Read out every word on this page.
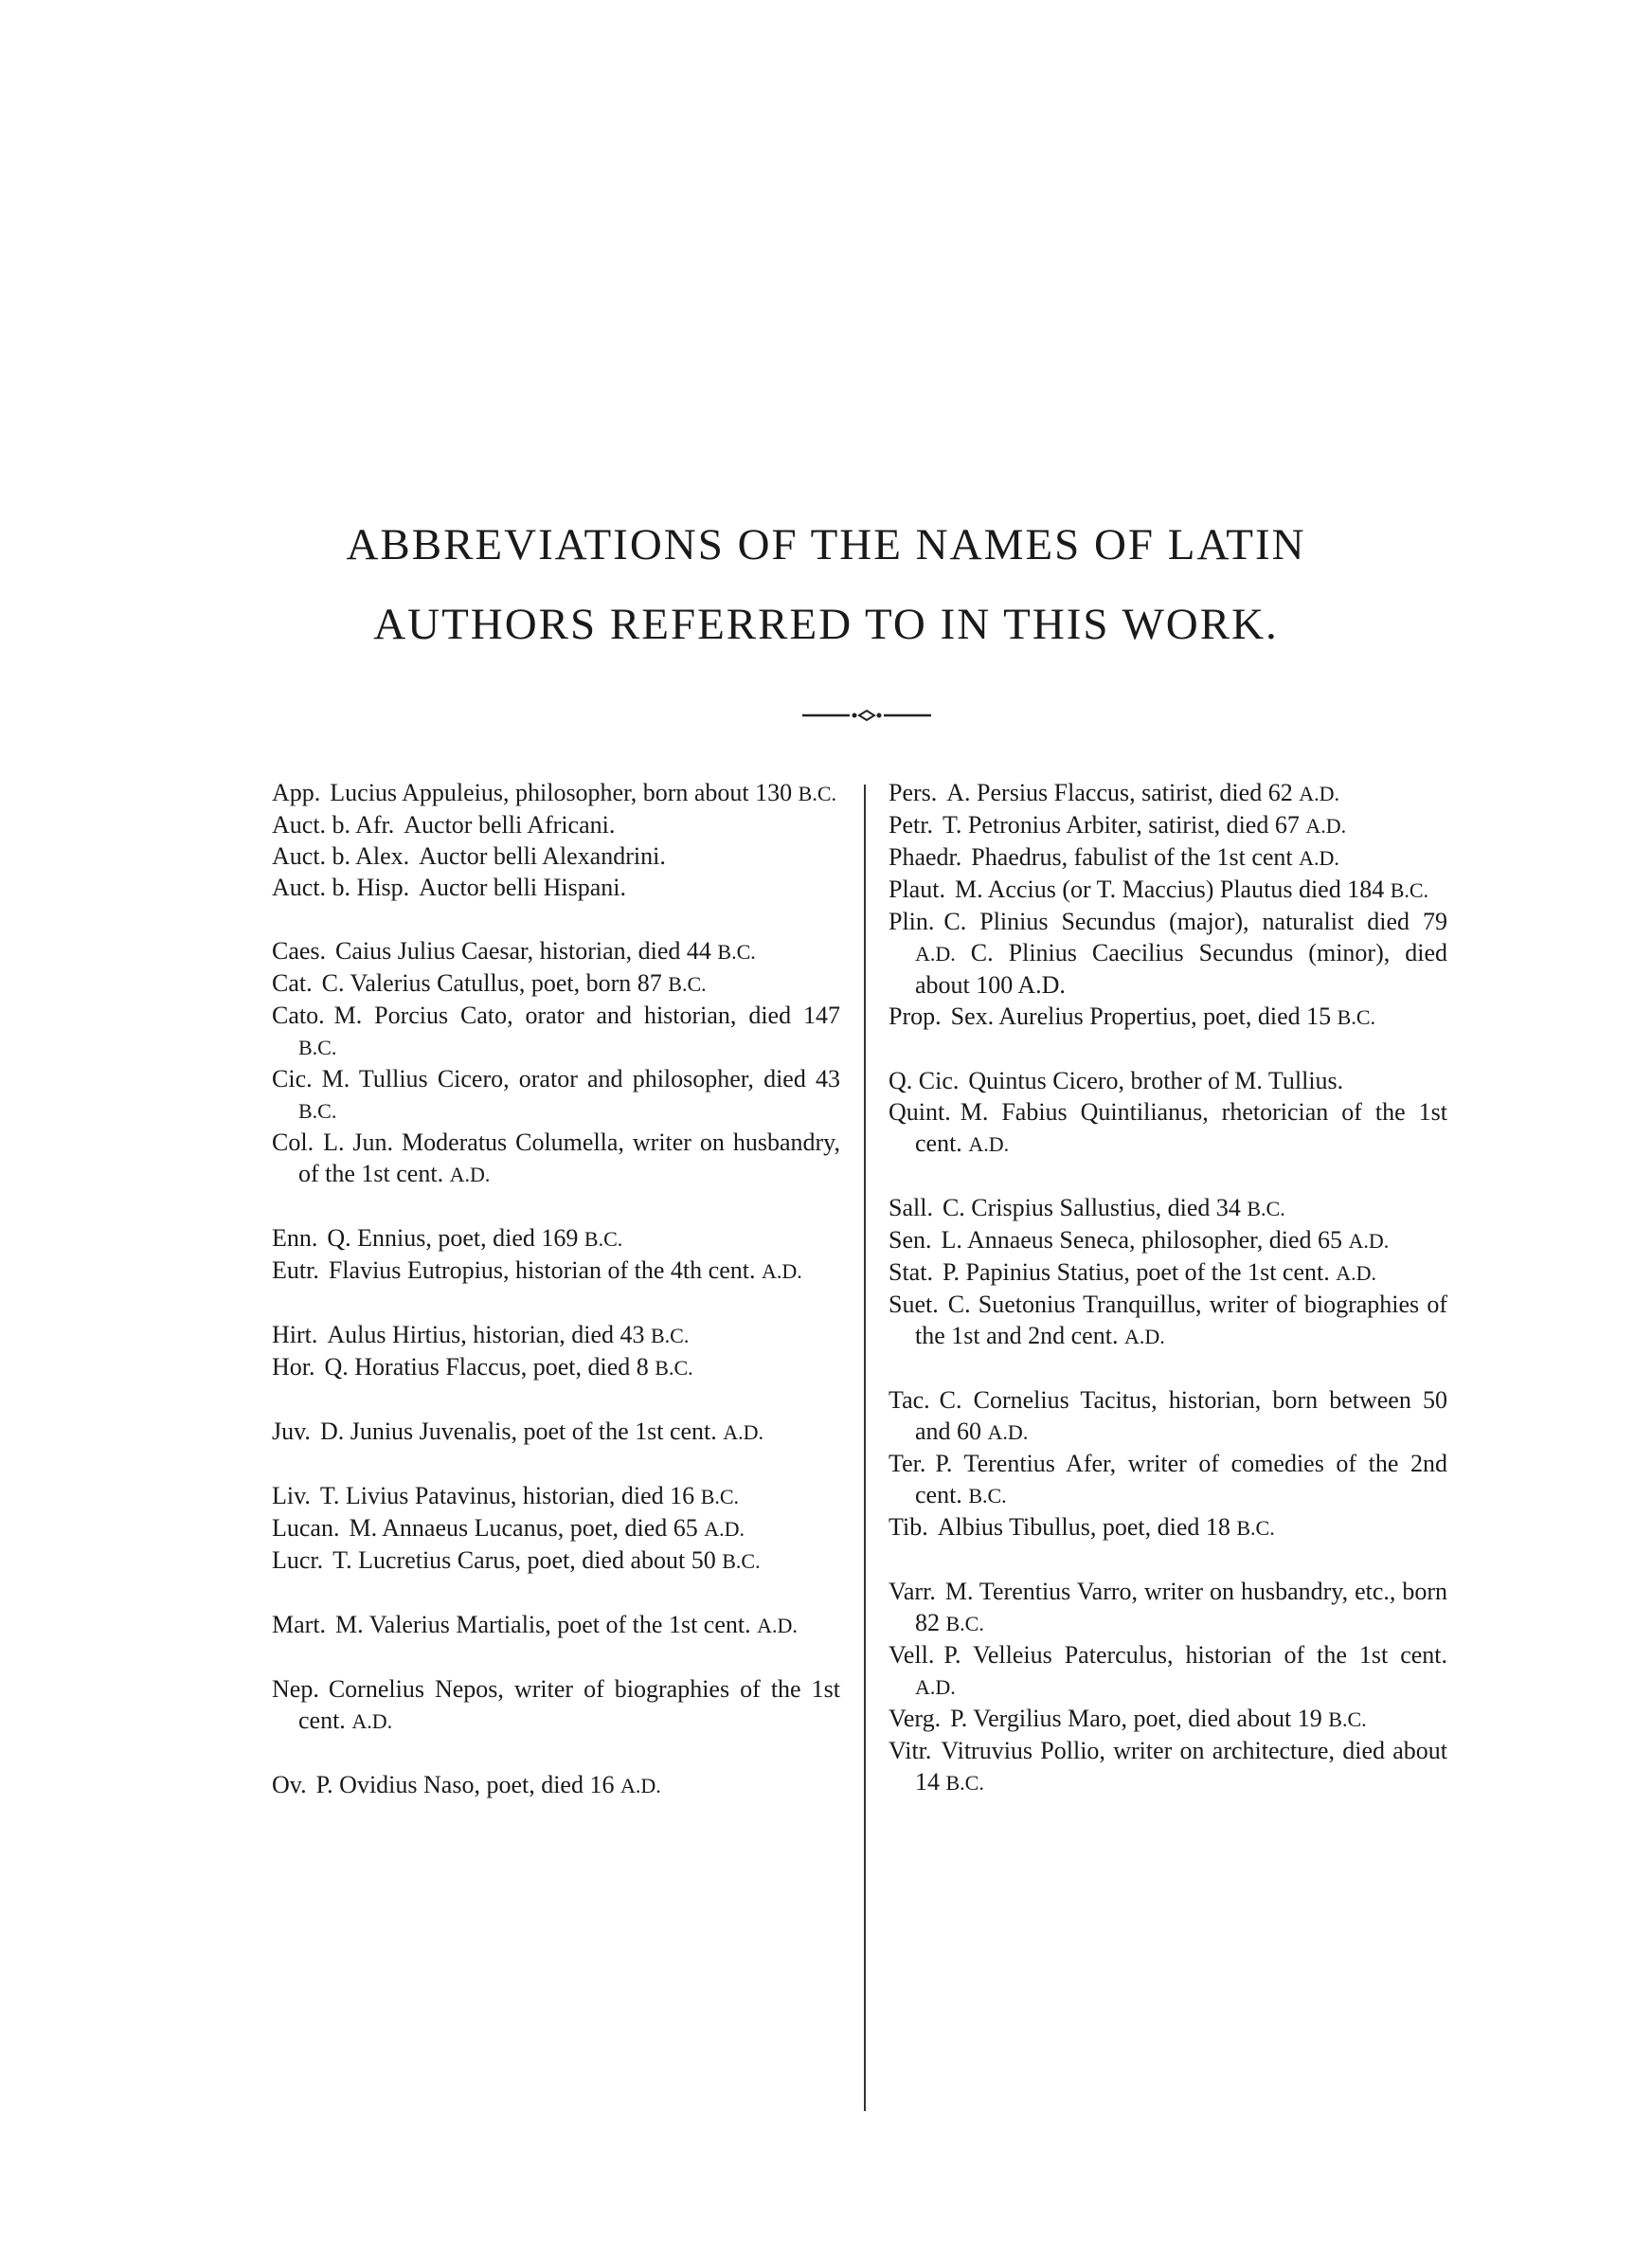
ABBREVIATIONS OF THE NAMES OF LATIN
AUTHORS REFERRED TO IN THIS WORK.

App. Lucius Appuleius, philosopher, born about 130 B.C.

Auct. b. Afr. Auctor belli Africani.

Auct. b. Alex. Auctor belli Alexandrini.

Auct. b. Hisp. Auctor belli Hispani.

Caes. Caius Julius Caesar, historian, died 44 B.C.

Cat. C. Valerius Catullus, poet, born 87 B.C.

Cato. M. Porcius Cato, orator and historian, died 147 B.C.

Cic. M. Tullius Cicero, orator and philosopher, died 43 B.C.

Col. L. Jun. Moderatus Columella, writer on husbandry, of the 1st cent. A.D.

Enn. Q. Ennius, poet, died 169 B.C.

Eutr. Flavius Eutropius, historian of the 4th cent. A.D.

Hirt. Aulus Hirtius, historian, died 43 B.C.

Hor. Q. Horatius Flaccus, poet, died 8 B.C.

Juv. D. Junius Juvenalis, poet of the 1st cent. A.D.

Liv. T. Livius Patavinus, historian, died 16 B.C.

Lucan. M. Annaeus Lucanus, poet, died 65 A.D.

Lucr. T. Lucretius Carus, poet, died about 50 B.C.

Mart. M. Valerius Martialis, poet of the 1st cent. A.D.

Nep. Cornelius Nepos, writer of biographies of the 1st cent. A.D.

Ov. P. Ovidius Naso, poet, died 16 A.D.

Pers. A. Persius Flaccus, satirist, died 62 A.D.

Petr. T. Petronius Arbiter, satirist, died 67 A.D.

Phaedr. Phaedrus, fabulist of the 1st cent A.D.

Plaut. M. Accius (or T. Maccius) Plautus died 184 B.C.

Plin. C. Plinius Secundus (major), naturalist died 79 A.D. C. Plinius Caecilius Secundus (minor), died about 100 A.D.

Prop. Sex. Aurelius Propertius, poet, died 15 B.C.

Q. Cic. Quintus Cicero, brother of M. Tullius.

Quint. M. Fabius Quintilianus, rhetorician of the 1st cent. A.D.

Sall. C. Crispius Sallustius, died 34 B.C.

Sen. L. Annaeus Seneca, philosopher, died 65 A.D.

Stat. P. Papinius Statius, poet of the 1st cent. A.D.

Suet. C. Suetonius Tranquillus, writer of biographies of the 1st and 2nd cent. A.D.

Tac. C. Cornelius Tacitus, historian, born between 50 and 60 A.D.

Ter. P. Terentius Afer, writer of comedies of the 2nd cent. B.C.

Tib. Albius Tibullus, poet, died 18 B.C.

Varr. M. Terentius Varro, writer on husbandry, etc., born 82 B.C.

Vell. P. Velleius Paterculus, historian of the 1st cent. A.D.

Verg. P. Vergilius Maro, poet, died about 19 B.C.

Vitr. Vitruvius Pollio, writer on architecture, died about 14 B.C.
